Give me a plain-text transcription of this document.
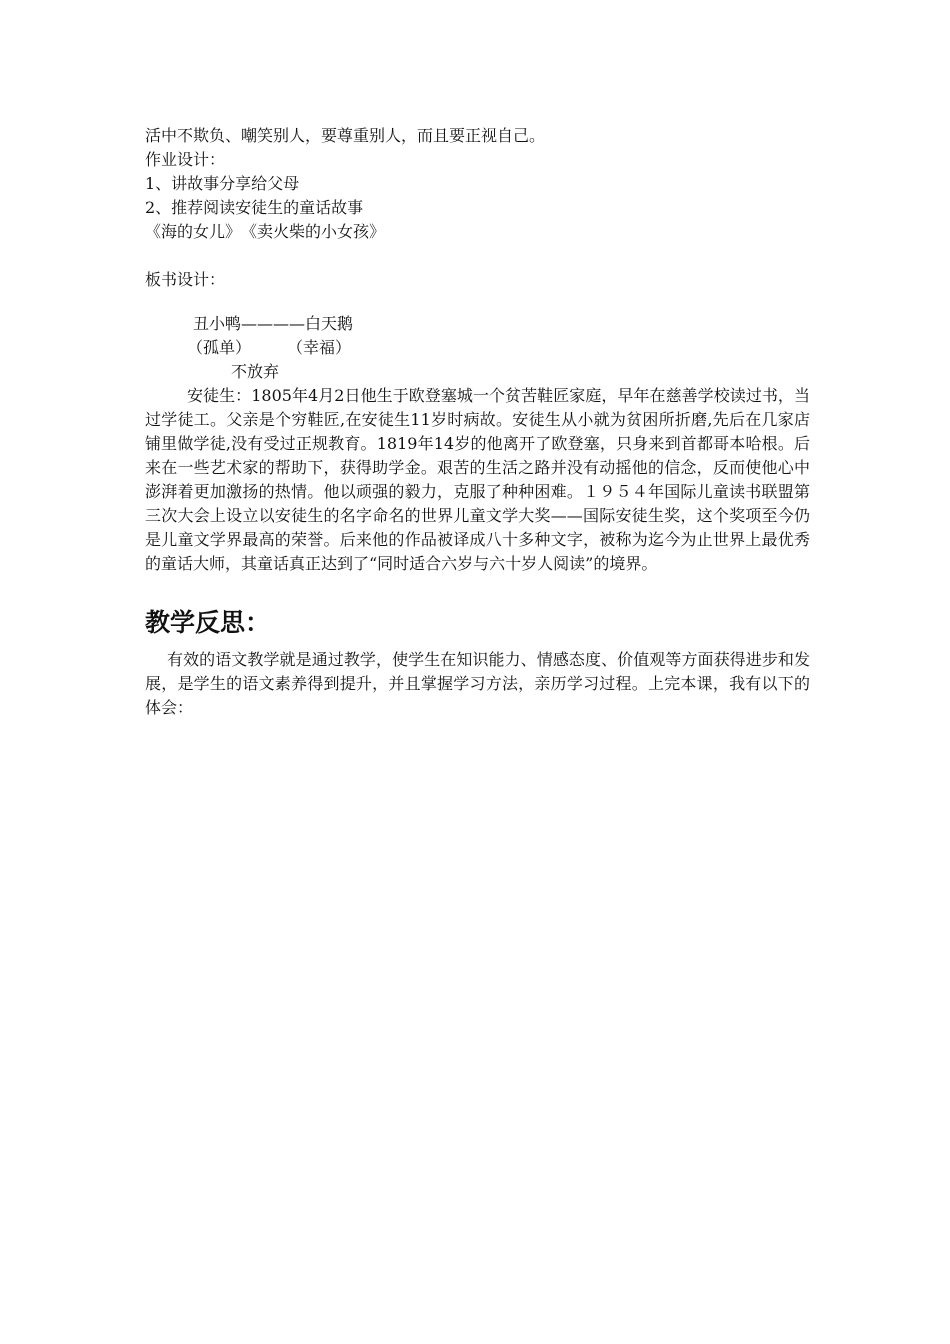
活中不欺负、嘲笑别人，要尊重别人，而且要正视自己。

作业设计：

1、讲故事分享给父母

2、推荐阅读安徒生的童话故事

《海的女儿》　《卖火柴的小女孩》

板书设计：

丑小鸭————白天鹅

（孤单）	（幸福）

不放弃

安徒生：1805年4月2日他生于欧登塞城一个贫苦鞋匠家庭，早年在慈善学校读过书，当过学徒工。父亲是个穷鞋匠,在安徒生11岁时病故。安徒生从小就为贫困所折磨,先后在几家店铺里做学徒,没有受过正规教育。1819年14岁的他离开了欧登塞，只身来到首都哥本哈根。后来在一些艺术家的帮助下，获得助学金。艰苦的生活之路并没有动摇他的信念，反而使他心中澎湃着更加激扬的热情。他以顽强的毅力，克服了种种困难。１９５４年国际儿童读书联盟第三次大会上设立以安徒生的名字命名的世界儿童文学大奖——国际安徒生奖，这个奖项至今仍是儿童文学界最高的荣誉。后来他的作品被译成八十多种文字，被称为迄今为止世界上最优秀的童话大师，其童话真正达到了“同时适合六岁与六十岁人阅读”的境界。

教学反思：

有效的语文教学就是通过教学，使学生在知识能力、情感态度、价值观等方面获得进步和发展，是学生的语文素养得到提升，并且掌握学习方法，亲历学习过程。上完本课，我有以下的体会：
